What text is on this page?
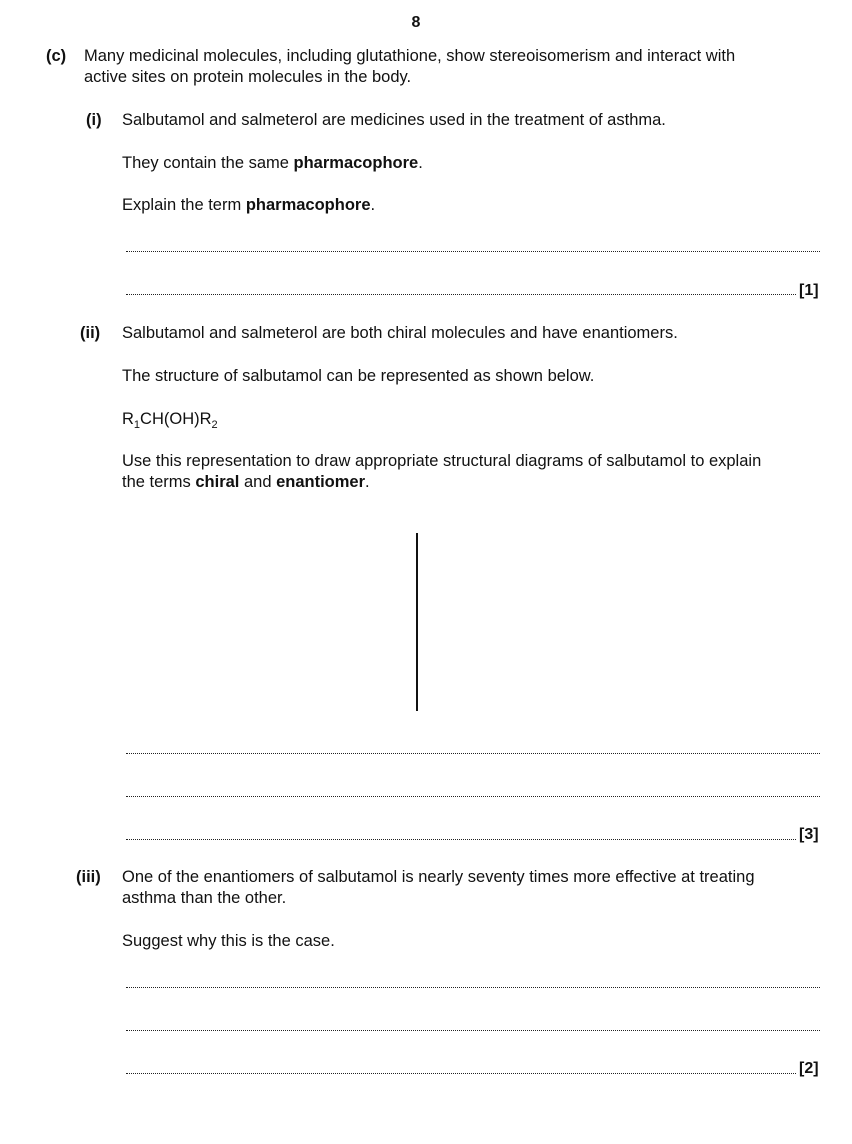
8
(c) Many medicinal molecules, including glutathione, show stereoisomerism and interact with
active sites on protein molecules in the body.
(i) Salbutamol and salmeterol are medicines used in the treatment of asthma.
They contain the same pharmacophore.
Explain the term pharmacophore.
[1]
(ii) Salbutamol and salmeterol are both chiral molecules and have enantiomers.
The structure of salbutamol can be represented as shown below.
$R_1CH(OH)R_2$
Use this representation to draw appropriate structural diagrams of salbutamol to explain
the terms chiral and enantiomer.
[3]
(iii) One of the enantiomers of salbutamol is nearly seventy times more effective at treating
asthma than the other.
Suggest why this is the case.
[2]
